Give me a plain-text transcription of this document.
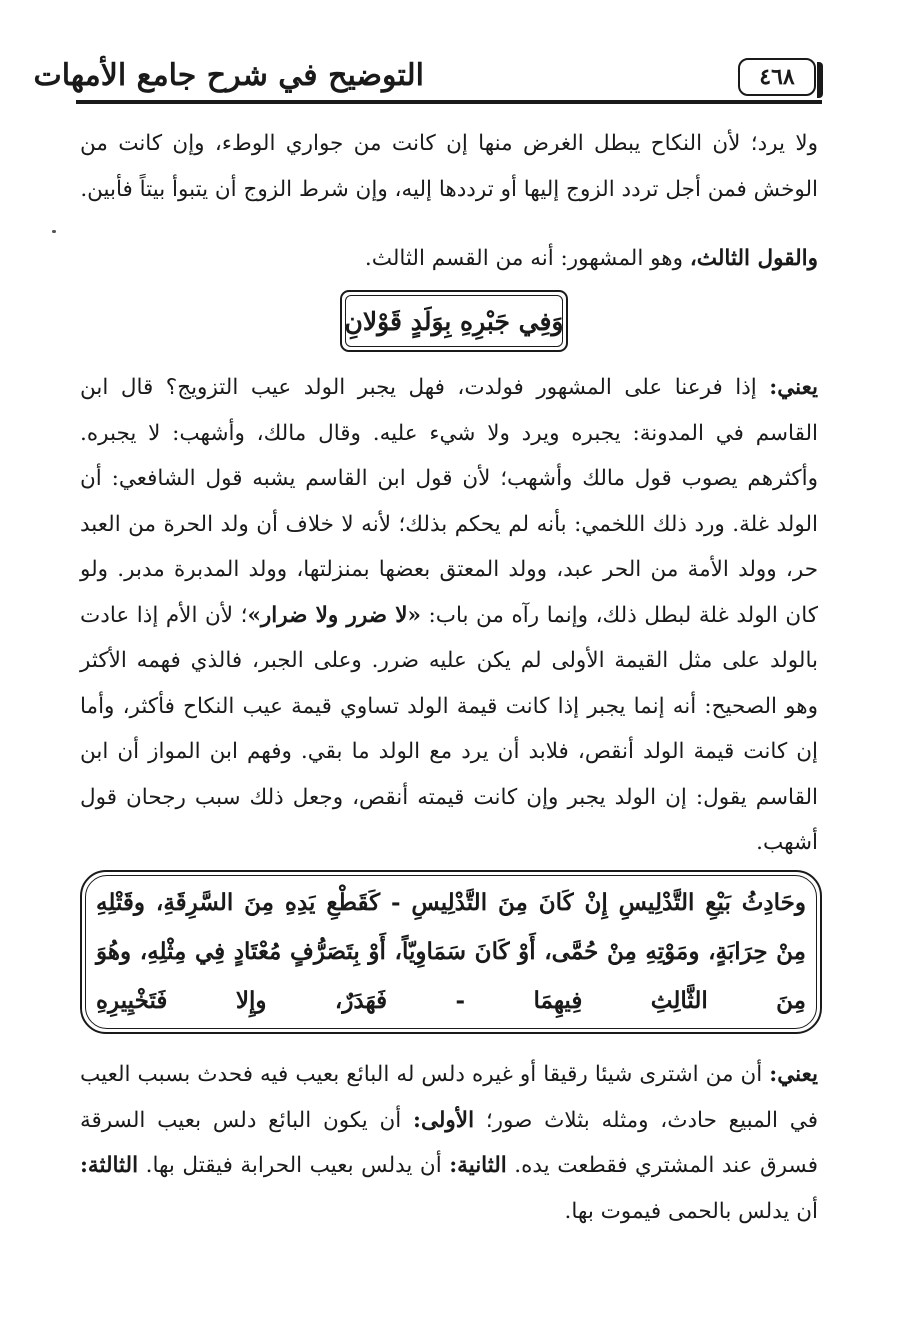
٤٦٨
التوضيح في شرح جامع الأمهات

ولا يرد؛ لأن النكاح يبطل الغرض منها إن كانت من جواري الوطء، وإن كانت من الوخش فمن أجل تردد الزوج إليها أو ترددها إليه، وإن شرط الزوج أن يتبوأ بيتاً فأبين.

والقول الثالث، وهو المشهور: أنه من القسم الثالث.

وَفِي جَبْرِهِ بِوَلَدٍ قَوْلانِ

يعني: إذا فرعنا على المشهور فولدت، فهل يجبر الولد عيب التزويج؟ قال ابن القاسم في المدونة: يجبره ويرد ولا شيء عليه. وقال مالك، وأشهب: لا يجبره. وأكثرهم يصوب قول مالك وأشهب؛ لأن قول ابن القاسم يشبه قول الشافعي: أن الولد غلة. ورد ذلك اللخمي: بأنه لم يحكم بذلك؛ لأنه لا خلاف أن ولد الحرة من العبد حر، وولد الأمة من الحر عبد، وولد المعتق بعضها بمنزلتها، وولد المدبرة مدبر. ولو كان الولد غلة لبطل ذلك، وإنما رآه من باب: «لا ضرر ولا ضرار»؛ لأن الأم إذا عادت بالولد على مثل القيمة الأولى لم يكن عليه ضرر. وعلى الجبر، فالذي فهمه الأكثر وهو الصحيح: أنه إنما يجبر إذا كانت قيمة الولد تساوي قيمة عيب النكاح فأكثر، وأما إن كانت قيمة الولد أنقص، فلابد أن يرد مع الولد ما بقي. وفهم ابن المواز أن ابن القاسم يقول: إن الولد يجبر وإن كانت قيمته أنقص، وجعل ذلك سبب رجحان قول أشهب.

وحَادِثُ بَيْعِ التَّدْلِيسِ إِنْ كَانَ مِنَ التَّدْلِيسِ - كَقَطْعِ يَدِهِ مِنَ السَّرِقَةِ، وقَتْلِهِ مِنْ حِرَابَةٍ، ومَوْتِهِ مِنْ حُمَّى، أَوْ كَانَ سَمَاوِيّاً، أَوْ بِتَصَرُّفٍ مُعْتَادٍ فِي مِثْلِهِ، وهُوَ مِنَ الثَّالِثِ فِيهِمَا - فَهَدَرٌ، وإِلا فَتَخْيِيرِهِ

يعني: أن من اشترى شيئا رقيقا أو غيره دلس له البائع بعيب فيه فحدث بسبب العيب في المبيع حادث، ومثله بثلاث صور؛ الأولى: أن يكون البائع دلس بعيب السرقة فسرق عند المشتري فقطعت يده. الثانية: أن يدلس بعيب الحرابة فيقتل بها. الثالثة: أن يدلس بالحمى فيموت بها.
